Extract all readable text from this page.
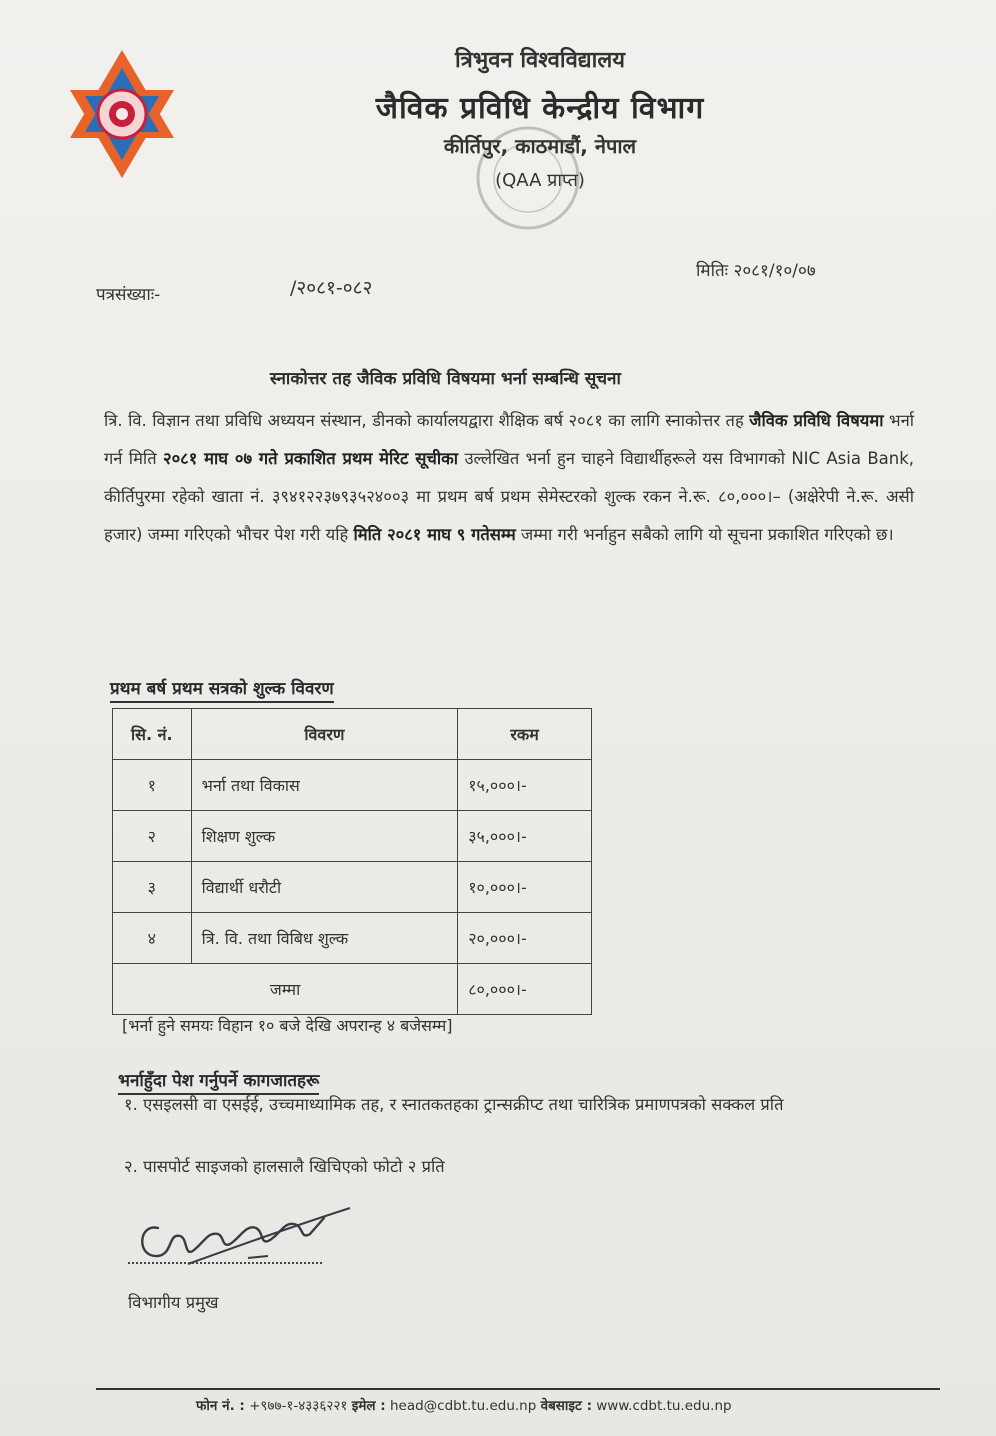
त्रिभुवन विश्वविद्यालय
जैविक प्रविधि केन्द्रीय विभाग
कीर्तिपुर, काठमाडौं, नेपाल
(QAA प्राप्त)
पत्रसंख्याः-	/२०८१-०८२
मितिः २०८१/१०/०७
स्नाकोत्तर तह जैविक प्रविधि विषयमा भर्ना सम्बन्धि सूचना
त्रि. वि. विज्ञान तथा प्रविधि अध्ययन संस्थान, डीनको कार्यालयद्वारा शैक्षिक बर्ष २०८१ का लागि स्नाकोत्तर तह जैविक प्रविधि विषयमा भर्ना गर्न मिति २०८१ माघ ०७ गते प्रकाशित प्रथम मेरिट सूचीका उल्लेखित भर्ना हुन चाहने विद्यार्थीहरूले यस विभागको NIC Asia Bank, कीर्तिपुरमा रहेको खाता नं. ३९४१२२३७९३५२४००३ मा प्रथम बर्ष प्रथम सेमेस्टरको शुल्क रकन ने.रू. ८०,०००।– (अक्षेरेपी ने.रू. असी हजार) जम्मा गरिएको भौचर पेश गरी यहि मिति २०८१ माघ ९ गतेसम्म जम्मा गरी भर्नाहुन सबैको लागि यो सूचना प्रकाशित गरिएको छ।
प्रथम बर्ष प्रथम सत्रको शुल्क विवरण
सि. नं.	विवरण	रकम
१	भर्ना तथा विकास	१५,०००।-
२	शिक्षण शुल्क	३५,०००।-
३	विद्यार्थी धरौटी	१०,०००।-
४	त्रि. वि. तथा विबिध शुल्क	२०,०००।-
जम्मा		८०,०००।-
[भर्ना हुने समयः विहान १० बजे देखि अपरान्ह ४ बजेसम्म]
भर्नाहुँदा पेश गर्नुपर्ने कागजातहरू
१. एसइलसी वा एसईई, उच्चमाध्यामिक तह, र स्नातकतहका ट्रान्सक्रीप्ट तथा चारित्रिक प्रमाणपत्रको सक्कल प्रति
२. पासपोर्ट साइजको हालसालै खिचिएको फोटो २ प्रति
विभागीय प्रमुख
फोन नं. : +९७७-१-४३३६२२१ इमेल : head@cdbt.tu.edu.np वेबसाइट : www.cdbt.tu.edu.np
